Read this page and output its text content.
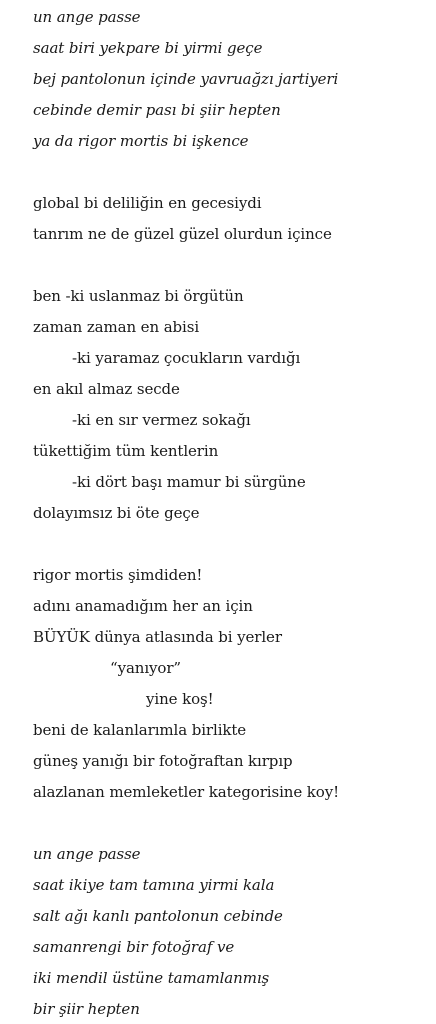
un ange passe
saat biri yekpare bi yirmi geçe
bej pantolonun içinde yavruağzı jartiyeri
cebinde demir pası bi şiir hepten
ya da rigor mortis bi işkence
global bi deliliğin en gecesiydi
tanrım ne de güzel güzel olurdun içince
ben -ki uslanmaz bi örgütün
zaman zaman en abisi
-ki yaramaz çocukların vardığı
en akıl almaz secde
-ki en sır vermez sokağı
tükettiğim tüm kentlerin
-ki dört başı mamur bi sürgüne
dolayımsız bi öte geçe
rigor mortis şimdiden!
adını anamadığım her an için
BÜYÜK dünya atlasında bi yerler
“yanıyor”
yine koş!
beni de kalanlarımla birlikte
güneş yanığı bir fotoğraftan kırpıp
alazlanan memleketler kategorisine koy!
un ange passe
saat ikiye tam tamına yirmi kala
salt ağı kanlı pantolonun cebinde
samanrengi bir fotoğraf ve
iki mendil üstüne tamamlanmış
bir şiir hepten
